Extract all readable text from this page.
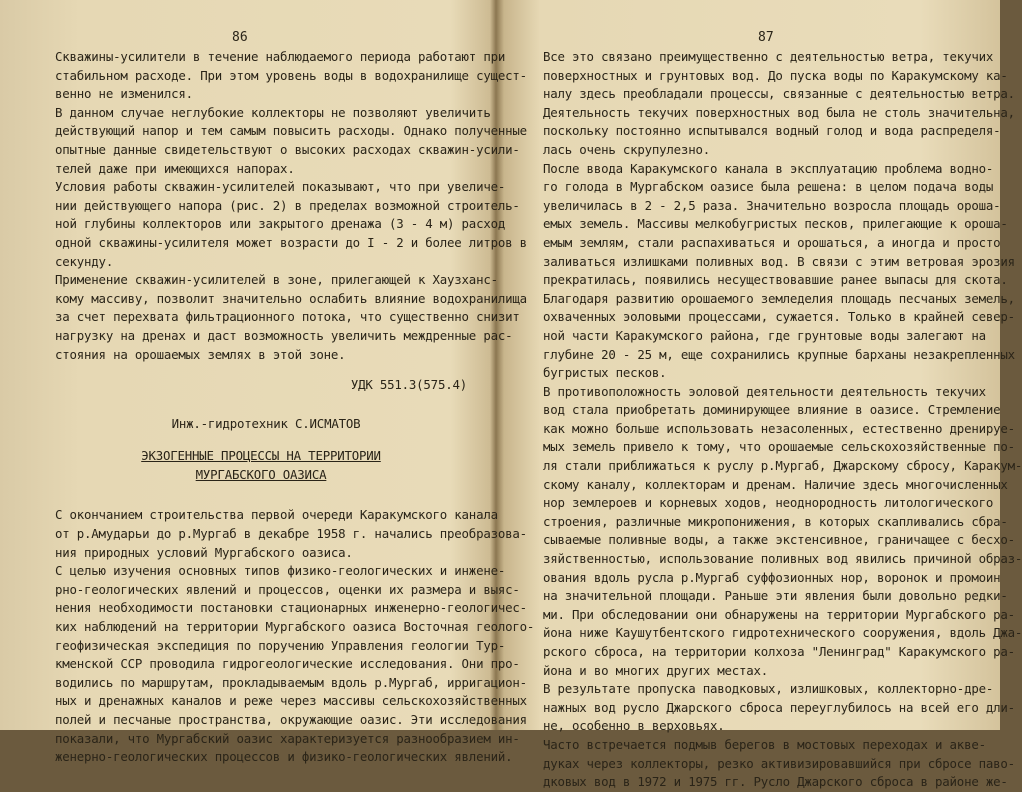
86
Скважины-усилители в течение наблюдаемого периода работают при
стабильном расходе. При этом уровень воды в водохранилище сущест-
венно не изменился.
В данном случае неглубокие коллекторы не позволяют увеличить
действующий напор и тем самым повысить расходы. Однако полученные
опытные данные свидетельствуют о высоких расходах скважин-усили-
телей даже при имеющихся напорах.
Условия работы скважин-усилителей показывают, что при увеличе-
нии действующего напора (рис. 2) в пределах возможной строитель-
ной глубины коллекторов или закрытого дренажа (3 - 4 м) расход
одной скважины-усилителя может возрасти до I - 2 и более литров в
секунду.
Применение скважин-усилителей в зоне, прилегающей к Хаузханс-
кому массиву, позволит значительно ослабить влияние водохранилища
за счет перехвата фильтрационного потока, что существенно снизит
нагрузку на дренах и даст возможность увеличить междренные рас-
стояния на орошаемых землях в этой зоне.
УДК 551.3(575.4)
Инж.-гидротехник С.ИСМАТОВ
ЭКЗОГЕННЫЕ ПРОЦЕССЫ НА ТЕРРИТОРИИ
МУРГАБСКОГО ОАЗИСА
С окончанием строительства первой очереди Каракумского канала
от р.Амударьи до р.Мургаб в декабре 1958 г. начались преобразова-
ния природных условий Мургабского оазиса.
С целью изучения основных типов физико-геологических и инжене-
рно-геологических явлений и процессов, оценки их размера и выяс-
нения необходимости постановки стационарных инженерно-геологичес-
ких наблюдений на территории Мургабского оазиса Восточная геолого-
геофизическая экспедиция по поручению Управления геологии Тур-
кменской ССР проводила гидрогеологические исследования. Они про-
водились по маршрутам, прокладываемым вдоль р.Мургаб, ирригацион-
ных и дренажных каналов и реже через массивы сельскохозяйственных
полей и песчаные пространства, окружающие оазис. Эти исследования
показали, что Мургабский оазис характеризуется разнообразием ин-
женерно-геологических процессов и физико-геологических явлений.
87
Все это связано преимущественно с деятельностью ветра, текучих
поверхностных и грунтовых вод. До пуска воды по Каракумскому ка-
налу здесь преобладали процессы, связанные с деятельностью ветра.
Деятельность текучих поверхностных вод была не столь значительна,
поскольку постоянно испытывался водный голод и вода распределя-
лась очень скрупулезно.
После ввода Каракумского канала в эксплуатацию проблема водно-
го голода в Мургабском оазисе была решена: в целом подача воды
увеличилась в 2 - 2,5 раза. Значительно возросла площадь ороша-
емых земель. Массивы мелкобугристых песков, прилегающие к ороша-
емым землям, стали распахиваться и орошаться, а иногда и просто
заливаться излишками поливных вод. В связи с этим ветровая эрозия
прекратилась, появились несуществовавшие ранее выпасы для скота.
Благодаря развитию орошаемого земледелия площадь песчаных земель,
охваченных эоловыми процессами, сужается. Только в крайней север-
ной части Каракумского района, где грунтовые воды залегают на
глубине 20 - 25 м, еще сохранились крупные барханы незакрепленных
бугристых песков.
В противоположность эоловой деятельности деятельность текучих
вод стала приобретать доминирующее влияние в оазисе. Стремление
как можно больше использовать незасоленных, естественно дренируе-
мых земель привело к тому, что орошаемые сельскохозяйственные по-
ля стали приближаться к руслу р.Мургаб, Джарскому сбросу, Каракум-
скому каналу, коллекторам и дренам. Наличие здесь многочисленных
нор землероев и корневых ходов, неоднородность литологического
строения, различные микропонижения, в которых скапливались сбра-
сываемые поливные воды, а также экстенсивное, граничащее с бесхо-
зяйственностью, использование поливных вод явились причиной образ-
ования вдоль русла р.Мургаб суффозионных нор, воронок и промоин
на значительной площади. Раньше эти явления были довольно редки-
ми. При обследовании они обнаружены на территории Мургабского ра-
йона ниже Каушутбентского гидротехнического сооружения, вдоль Джа-
рского сброса, на территории колхоза "Ленинград" Каракумского ра-
йона и во многих других местах.
В результате пропуска паводковых, излишковых, коллекторно-дре-
нажных вод русло Джарского сброса переуглубилось на всей его дли-
не, особенно в верховьях.
Часто встречается подмыв берегов в мостовых переходах и акве-
дуках через коллекторы, резко активизировавшийся при сбросе паво-
дковых вод в 1972 и 1975 гг. Русло Джарского сброса в районе же-
